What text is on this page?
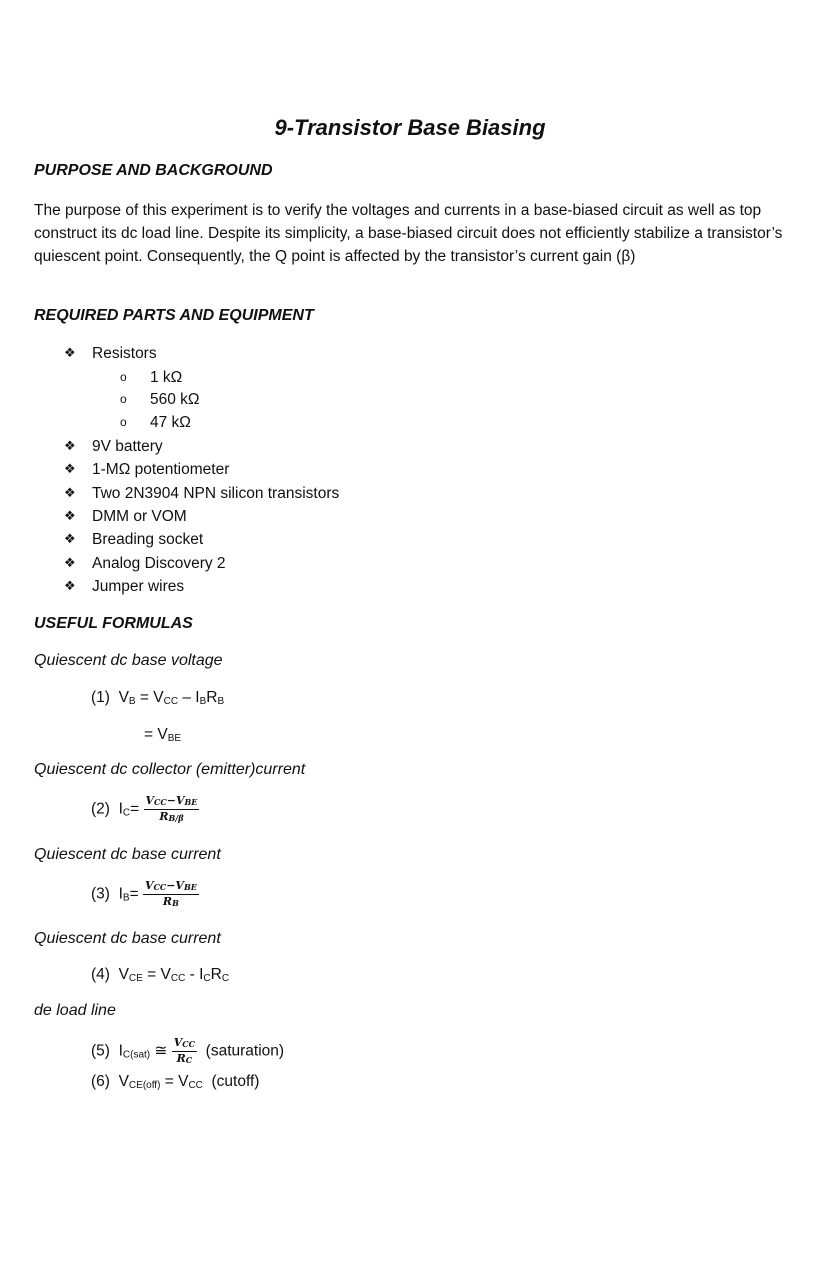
9-Transistor Base Biasing
PURPOSE AND BACKGROUND
The purpose of this experiment is to verify the voltages and currents in a base-biased circuit as well as top construct its dc load line. Despite its simplicity, a base-biased circuit does not efficiently stabilize a transistor’s quiescent point. Consequently, the Q point is affected by the transistor’s current gain (β)
REQUIRED PARTS AND EQUIPMENT
❖ Resistors
o 1 kΩ
o 560 kΩ
o 47 kΩ
❖ 9V battery
❖ 1-MΩ potentiometer
❖ Two 2N3904 NPN silicon transistors
❖ DMM or VOM
❖ Breading socket
❖ Analog Discovery 2
❖ Jumper wires
USEFUL FORMULAS
Quiescent dc base voltage
(1) $V_B = V_{CC} - I_BR_B$
= $V_{BE}$
Quiescent dc collector (emitter)current
(2) $I_C= \frac{V_{CC}-V_{BE}}{R_{B/\beta}}$
Quiescent dc base current
(3) $I_B= \frac{V_{CC}-V_{BE}}{R_B}$
Quiescent dc base current
(4) $V_{CE} = V_{CC} - I_CR_C$
de load line
(5) $I_{C(sat)}$ ≅ $\frac{V_{CC}}{R_C}$ (saturation)
(6) $V_{CE(off)} = V_{CC}$ (cutoff)
